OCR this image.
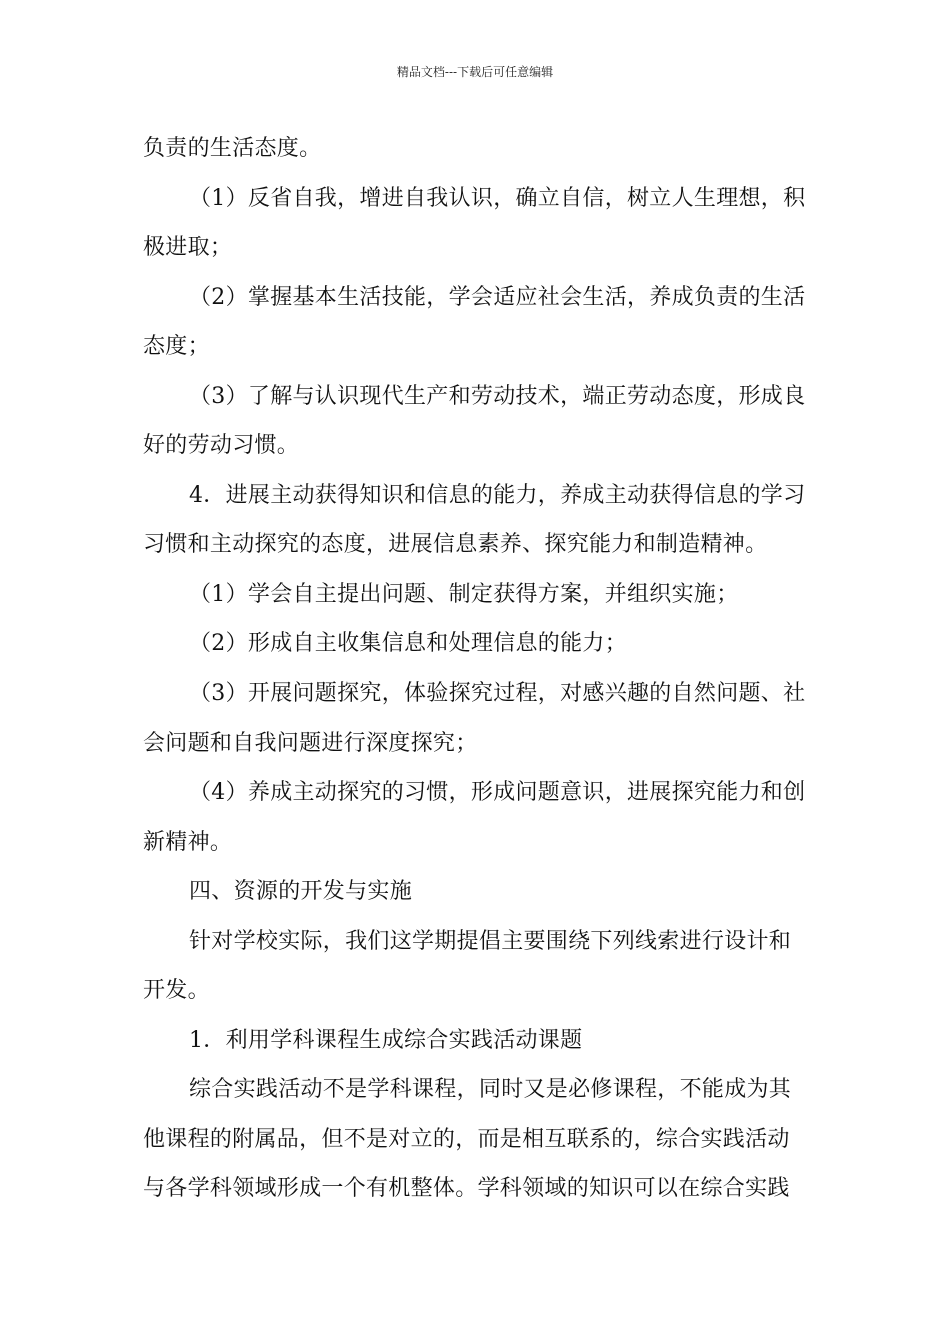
精品文档---下载后可任意编辑
负责的生活态度。
（1）反省自我，增进自我认识，确立自信，树立人生理想，积
极进取；
（2）掌握基本生活技能，学会适应社会生活，养成负责的生活
态度；
（3）了解与认识现代生产和劳动技术，端正劳动态度，形成良
好的劳动习惯。
4．进展主动获得知识和信息的能力，养成主动获得信息的学习
习惯和主动探究的态度，进展信息素养、探究能力和制造精神。
（1）学会自主提出问题、制定获得方案，并组织实施；
（2）形成自主收集信息和处理信息的能力；
（3）开展问题探究，体验探究过程，对感兴趣的自然问题、社
会问题和自我问题进行深度探究；
（4）养成主动探究的习惯，形成问题意识，进展探究能力和创
新精神。
四、资源的开发与实施
针对学校实际，我们这学期提倡主要围绕下列线索进行设计和
开发。
1．利用学科课程生成综合实践活动课题
综合实践活动不是学科课程，同时又是必修课程，不能成为其
他课程的附属品，但不是对立的，而是相互联系的，综合实践活动
与各学科领域形成一个有机整体。学科领域的知识可以在综合实践
